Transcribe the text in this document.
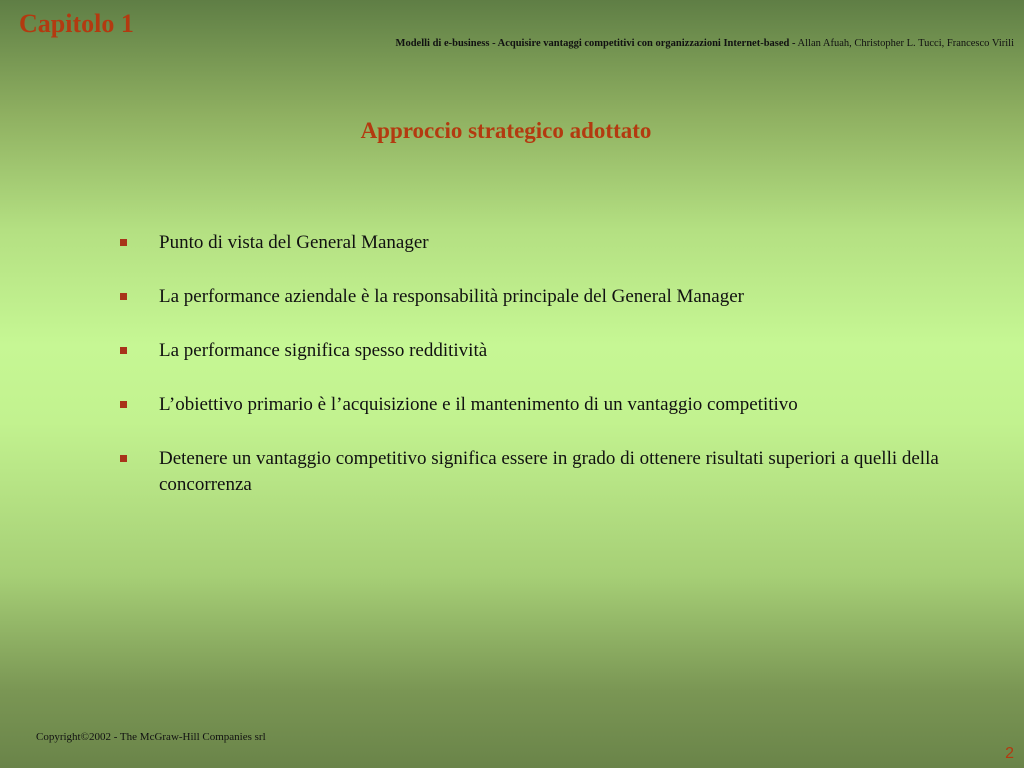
Capitolo 1
Modelli di e-business - Acquisire vantaggi competitivi con organizzazioni Internet-based - Allan Afuah, Christopher L. Tucci, Francesco Virili
Approccio strategico adottato
Punto di vista del General Manager
La performance aziendale è la responsabilità principale del General Manager
La performance significa spesso redditività
L’obiettivo primario è l’acquisizione e il mantenimento di un vantaggio competitivo
Detenere un vantaggio competitivo significa essere in grado di ottenere risultati superiori a quelli della concorrenza
Copyright©2002 - The McGraw-Hill Companies srl
2
